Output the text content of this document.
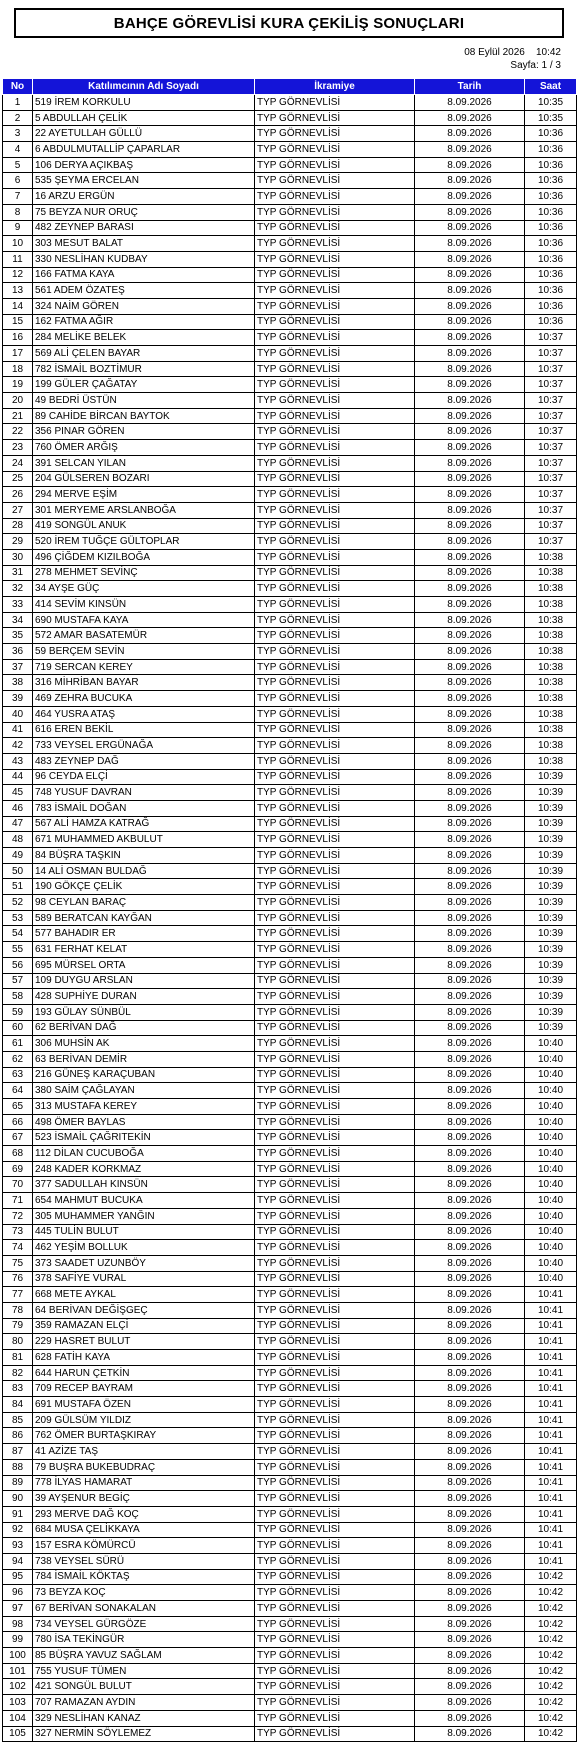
BAHÇE GÖREVLİSİ KURA ÇEKİLİŞ SONUÇLARI
08 Eylül 2026 10:42
Sayfa: 1 / 3
No	Katılımcının Adı Soyadı	İkramiye	Tarih	Saat
1	519 İREM KORKULU	TYP GÖRNEVLİSİ	8.09.2026	10:35
2	5 ABDULLAH ÇELİK	TYP GÖRNEVLİSİ	8.09.2026	10:35
3	22 AYETULLAH GÜLLÜ	TYP GÖRNEVLİSİ	8.09.2026	10:36
4	6 ABDULMUTALLİP ÇAPARLAR	TYP GÖRNEVLİSİ	8.09.2026	10:36
5	106 DERYA AÇIKBAŞ	TYP GÖRNEVLİSİ	8.09.2026	10:36
6	535 ŞEYMA ERCELAN	TYP GÖRNEVLİSİ	8.09.2026	10:36
7	16 ARZU ERGÜN	TYP GÖRNEVLİSİ	8.09.2026	10:36
8	75 BEYZA NUR ORUÇ	TYP GÖRNEVLİSİ	8.09.2026	10:36
9	482 ZEYNEP BARASI	TYP GÖRNEVLİSİ	8.09.2026	10:36
10	303 MESUT BALAT	TYP GÖRNEVLİSİ	8.09.2026	10:36
11	330 NESLİHAN KUDBAY	TYP GÖRNEVLİSİ	8.09.2026	10:36
12	166 FATMA KAYA	TYP GÖRNEVLİSİ	8.09.2026	10:36
13	561 ADEM ÖZATEŞ	TYP GÖRNEVLİSİ	8.09.2026	10:36
14	324 NAİM GÖREN	TYP GÖRNEVLİSİ	8.09.2026	10:36
15	162 FATMA AĞIR	TYP GÖRNEVLİSİ	8.09.2026	10:36
16	284 MELİKE BELEK	TYP GÖRNEVLİSİ	8.09.2026	10:37
17	569 ALİ ÇELEN BAYAR	TYP GÖRNEVLİSİ	8.09.2026	10:37
18	782 İSMAİL BOZTİMUR	TYP GÖRNEVLİSİ	8.09.2026	10:37
19	199 GÜLER ÇAĞATAY	TYP GÖRNEVLİSİ	8.09.2026	10:37
20	49 BEDRİ ÜSTÜN	TYP GÖRNEVLİSİ	8.09.2026	10:37
21	89 CAHİDE BİRCAN BAYTOK	TYP GÖRNEVLİSİ	8.09.2026	10:37
22	356 PINAR GÖREN	TYP GÖRNEVLİSİ	8.09.2026	10:37
23	760 ÖMER ARĞIŞ	TYP GÖRNEVLİSİ	8.09.2026	10:37
24	391 SELCAN YILAN	TYP GÖRNEVLİSİ	8.09.2026	10:37
25	204 GÜLSEREN BOZARI	TYP GÖRNEVLİSİ	8.09.2026	10:37
26	294 MERVE EŞİM	TYP GÖRNEVLİSİ	8.09.2026	10:37
27	301 MERYEME ARSLANBOĞA	TYP GÖRNEVLİSİ	8.09.2026	10:37
28	419 SONGÜL ANUK	TYP GÖRNEVLİSİ	8.09.2026	10:37
29	520 İREM TUĞÇE GÜLTOPLAR	TYP GÖRNEVLİSİ	8.09.2026	10:37
30	496 ÇİĞDEM KIZILBOĞA	TYP GÖRNEVLİSİ	8.09.2026	10:38
31	278 MEHMET SEVİNÇ	TYP GÖRNEVLİSİ	8.09.2026	10:38
32	34 AYŞE GÜÇ	TYP GÖRNEVLİSİ	8.09.2026	10:38
33	414 SEVİM KINSÜN	TYP GÖRNEVLİSİ	8.09.2026	10:38
34	690 MUSTAFA KAYA	TYP GÖRNEVLİSİ	8.09.2026	10:38
35	572 AMAR BASATEMÜR	TYP GÖRNEVLİSİ	8.09.2026	10:38
36	59 BERÇEM SEVİN	TYP GÖRNEVLİSİ	8.09.2026	10:38
37	719 SERCAN KEREY	TYP GÖRNEVLİSİ	8.09.2026	10:38
38	316 MİHRİBAN BAYAR	TYP GÖRNEVLİSİ	8.09.2026	10:38
39	469 ZEHRA BUCUKA	TYP GÖRNEVLİSİ	8.09.2026	10:38
40	464 YUSRA ATAŞ	TYP GÖRNEVLİSİ	8.09.2026	10:38
41	616 EREN BEKİL	TYP GÖRNEVLİSİ	8.09.2026	10:38
42	733 VEYSEL ERGÜNAĞA	TYP GÖRNEVLİSİ	8.09.2026	10:38
43	483 ZEYNEP DAĞ	TYP GÖRNEVLİSİ	8.09.2026	10:38
44	96 CEYDA ELÇİ	TYP GÖRNEVLİSİ	8.09.2026	10:39
45	748 YUSUF DAVRAN	TYP GÖRNEVLİSİ	8.09.2026	10:39
46	783 İSMAİL DOĞAN	TYP GÖRNEVLİSİ	8.09.2026	10:39
47	567 ALİ HAMZA KATRAĞ	TYP GÖRNEVLİSİ	8.09.2026	10:39
48	671 MUHAMMED AKBULUT	TYP GÖRNEVLİSİ	8.09.2026	10:39
49	84 BÜŞRA TAŞKIN	TYP GÖRNEVLİSİ	8.09.2026	10:39
50	14 ALİ OSMAN BULDAĞ	TYP GÖRNEVLİSİ	8.09.2026	10:39
51	190 GÖKÇE ÇELİK	TYP GÖRNEVLİSİ	8.09.2026	10:39
52	98 CEYLAN BARAÇ	TYP GÖRNEVLİSİ	8.09.2026	10:39
53	589 BERATCAN KAYĞAN	TYP GÖRNEVLİSİ	8.09.2026	10:39
54	577 BAHADIR ER	TYP GÖRNEVLİSİ	8.09.2026	10:39
55	631 FERHAT KELAT	TYP GÖRNEVLİSİ	8.09.2026	10:39
56	695 MÜRSEL ORTA	TYP GÖRNEVLİSİ	8.09.2026	10:39
57	109 DUYGU ARSLAN	TYP GÖRNEVLİSİ	8.09.2026	10:39
58	428 SUPHİYE DURAN	TYP GÖRNEVLİSİ	8.09.2026	10:39
59	193 GÜLAY SÜNBÜL	TYP GÖRNEVLİSİ	8.09.2026	10:39
60	62 BERİVAN DAĞ	TYP GÖRNEVLİSİ	8.09.2026	10:39
61	306 MUHSİN AK	TYP GÖRNEVLİSİ	8.09.2026	10:40
62	63 BERİVAN DEMİR	TYP GÖRNEVLİSİ	8.09.2026	10:40
63	216 GÜNEŞ KARAÇUBAN	TYP GÖRNEVLİSİ	8.09.2026	10:40
64	380 SAİM ÇAĞLAYAN	TYP GÖRNEVLİSİ	8.09.2026	10:40
65	313 MUSTAFA KEREY	TYP GÖRNEVLİSİ	8.09.2026	10:40
66	498 ÖMER BAYLAS	TYP GÖRNEVLİSİ	8.09.2026	10:40
67	523 İSMAİL ÇAĞRITEKİN	TYP GÖRNEVLİSİ	8.09.2026	10:40
68	112 DİLAN CUCUBOĞA	TYP GÖRNEVLİSİ	8.09.2026	10:40
69	248 KADER KORKMAZ	TYP GÖRNEVLİSİ	8.09.2026	10:40
70	377 SADULLAH KINSÜN	TYP GÖRNEVLİSİ	8.09.2026	10:40
71	654 MAHMUT BUCUKA	TYP GÖRNEVLİSİ	8.09.2026	10:40
72	305 MUHAMMER YANĞIN	TYP GÖRNEVLİSİ	8.09.2026	10:40
73	445 TULİN BULUT	TYP GÖRNEVLİSİ	8.09.2026	10:40
74	462 YEŞİM BOLLUK	TYP GÖRNEVLİSİ	8.09.2026	10:40
75	373 SAADET UZUNBÖY	TYP GÖRNEVLİSİ	8.09.2026	10:40
76	378 SAFİYE VURAL	TYP GÖRNEVLİSİ	8.09.2026	10:40
77	668 METE AYKAL	TYP GÖRNEVLİSİ	8.09.2026	10:41
78	64 BERİVAN DEĞİŞGEÇ	TYP GÖRNEVLİSİ	8.09.2026	10:41
79	359 RAMAZAN ELÇİ	TYP GÖRNEVLİSİ	8.09.2026	10:41
80	229 HASRET BULUT	TYP GÖRNEVLİSİ	8.09.2026	10:41
81	628 FATİH KAYA	TYP GÖRNEVLİSİ	8.09.2026	10:41
82	644 HARUN ÇETKİN	TYP GÖRNEVLİSİ	8.09.2026	10:41
83	709 RECEP BAYRAM	TYP GÖRNEVLİSİ	8.09.2026	10:41
84	691 MUSTAFA ÖZEN	TYP GÖRNEVLİSİ	8.09.2026	10:41
85	209 GÜLSÜM YILDIZ	TYP GÖRNEVLİSİ	8.09.2026	10:41
86	762 ÖMER BURTAŞKIRAY	TYP GÖRNEVLİSİ	8.09.2026	10:41
87	41 AZİZE TAŞ	TYP GÖRNEVLİSİ	8.09.2026	10:41
88	79 BUŞRA BUKEBUDRAÇ	TYP GÖRNEVLİSİ	8.09.2026	10:41
89	778 İLYAS HAMARAT	TYP GÖRNEVLİSİ	8.09.2026	10:41
90	39 AYŞENUR BEGİÇ	TYP GÖRNEVLİSİ	8.09.2026	10:41
91	293 MERVE DAĞ KOÇ	TYP GÖRNEVLİSİ	8.09.2026	10:41
92	684 MUSA ÇELİKKAYA	TYP GÖRNEVLİSİ	8.09.2026	10:41
93	157 ESRA KÖMÜRCÜ	TYP GÖRNEVLİSİ	8.09.2026	10:41
94	738 VEYSEL SÜRÜ	TYP GÖRNEVLİSİ	8.09.2026	10:41
95	784 İSMAİL KÖKTAŞ	TYP GÖRNEVLİSİ	8.09.2026	10:42
96	73 BEYZA KOÇ	TYP GÖRNEVLİSİ	8.09.2026	10:42
97	67 BERİVAN SONAKALAN	TYP GÖRNEVLİSİ	8.09.2026	10:42
98	734 VEYSEL GÜRGÖZE	TYP GÖRNEVLİSİ	8.09.2026	10:42
99	780 İSA TEKİNGÜR	TYP GÖRNEVLİSİ	8.09.2026	10:42
100	85 BÜŞRA YAVUZ SAĞLAM	TYP GÖRNEVLİSİ	8.09.2026	10:42
101	755 YUSUF TÜMEN	TYP GÖRNEVLİSİ	8.09.2026	10:42
102	421 SONGÜL BULUT	TYP GÖRNEVLİSİ	8.09.2026	10:42
103	707 RAMAZAN AYDIN	TYP GÖRNEVLİSİ	8.09.2026	10:42
104	329 NESLİHAN KANAZ	TYP GÖRNEVLİSİ	8.09.2026	10:42
105	327 NERMİN SÖYLEMEZ	TYP GÖRNEVLİSİ	8.09.2026	10:42
